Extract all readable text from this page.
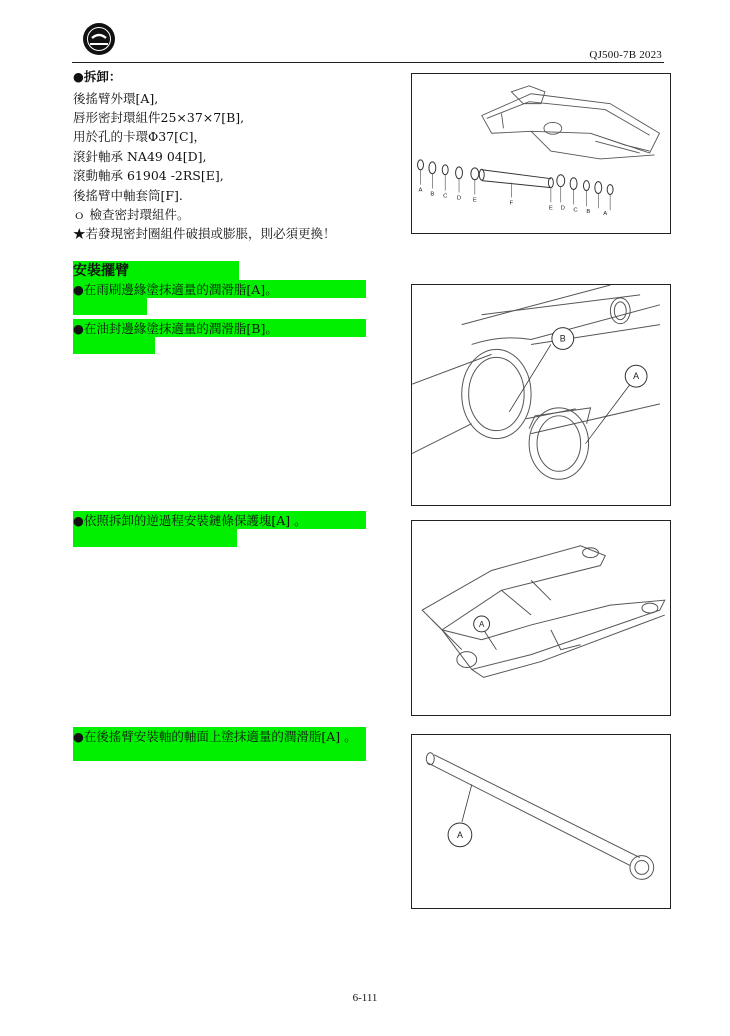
QJ500-7B 2023
●拆卸：
後搖臂外環[A],
唇形密封環組件25×37×7[B],
用於孔的卡環Φ37[C]，
滾針軸承 NA49 04[D],
滾動軸承 61904 -2RS[E],
後搖臂中軸套筒[F].
ｏ 檢查密封環組件。
★若發現密封圈組件破損或膨脹，則必須更換！
安裝擺臂
●在雨刷邊緣塗抹適量的潤滑脂[A]。
●在油封邊緣塗抹適量的潤滑脂[B]。
●依照拆卸的逆過程安裝鏈條保護塊[A] 。
●在後搖臂安裝軸的軸面上塗抹適量的潤滑脂[A] 。
A
B C D E	F
E D C B A
B
A
A
A
6-111
